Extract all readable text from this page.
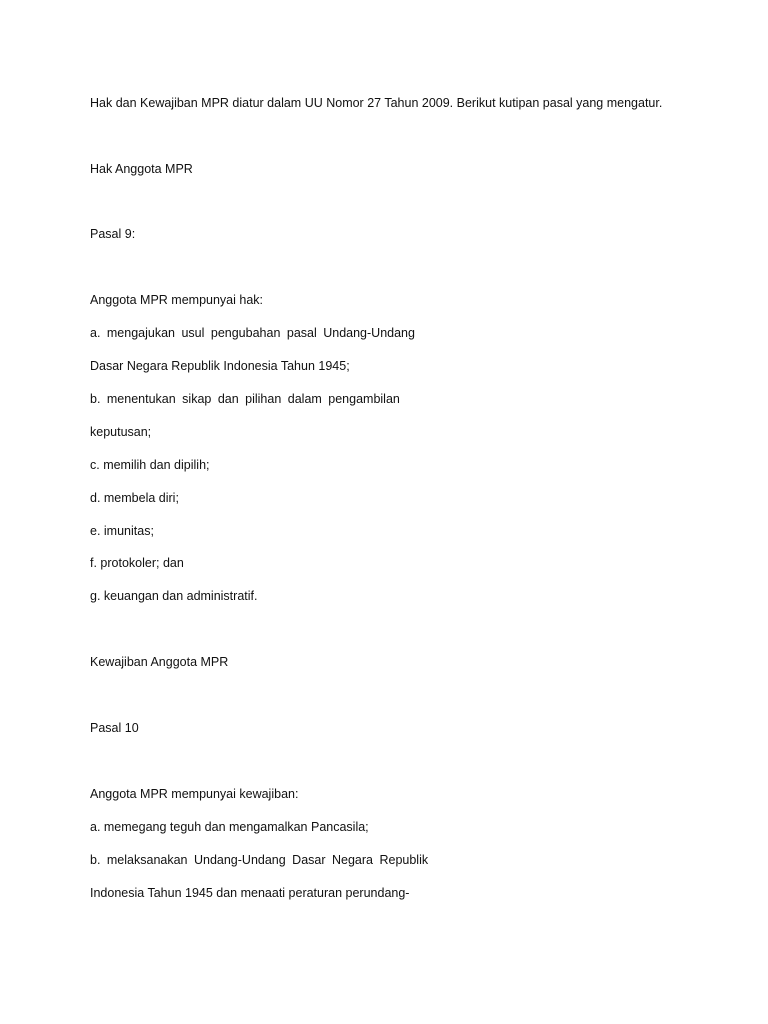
Hak dan Kewajiban MPR diatur dalam UU Nomor 27 Tahun 2009. Berikut kutipan pasal yang mengatur.
Hak Anggota MPR
Pasal 9:
Anggota MPR mempunyai hak:
a. mengajukan usul pengubahan pasal Undang-Undang
Dasar Negara Republik Indonesia Tahun 1945;
b. menentukan sikap dan pilihan dalam pengambilan
keputusan;
c. memilih dan dipilih;
d. membela diri;
e. imunitas;
f. protokoler; dan
g. keuangan dan administratif.
Kewajiban Anggota MPR
Pasal 10
Anggota MPR mempunyai kewajiban:
a. memegang teguh dan mengamalkan Pancasila;
b. melaksanakan Undang-Undang Dasar Negara Republik
Indonesia Tahun 1945 dan menaati peraturan perundang-
